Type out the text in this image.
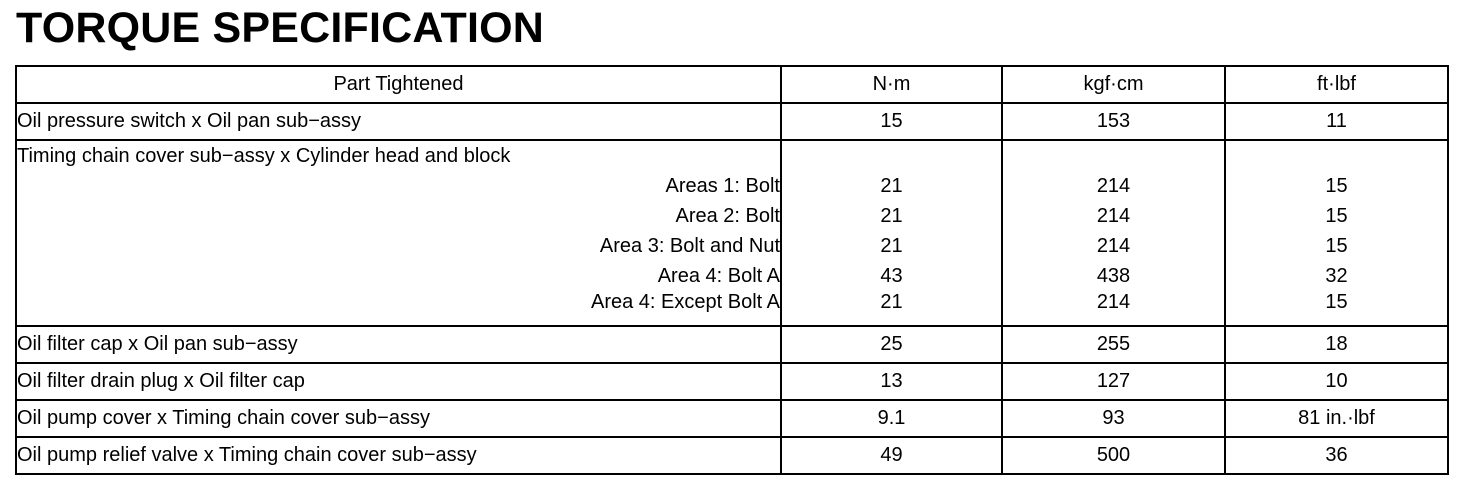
TORQUE SPECIFICATION
Part Tightened	N·m	kgf·cm	ft·lbf
Oil pressure switch x Oil pan sub−assy	15	153	11
Timing chain cover sub−assy x Cylinder head and block			
Areas 1: Bolt	21	214	15
Area 2: Bolt	21	214	15
Area 3: Bolt and Nut	21	214	15
Area 4: Bolt A	43	438	32
Area 4: Except Bolt A	21	214	15
Oil filter cap x Oil pan sub−assy	25	255	18
Oil filter drain plug x Oil filter cap	13	127	10
Oil pump cover x Timing chain cover sub−assy	9.1	93	81 in.·lbf
Oil pump relief valve x Timing chain cover sub−assy	49	500	36
